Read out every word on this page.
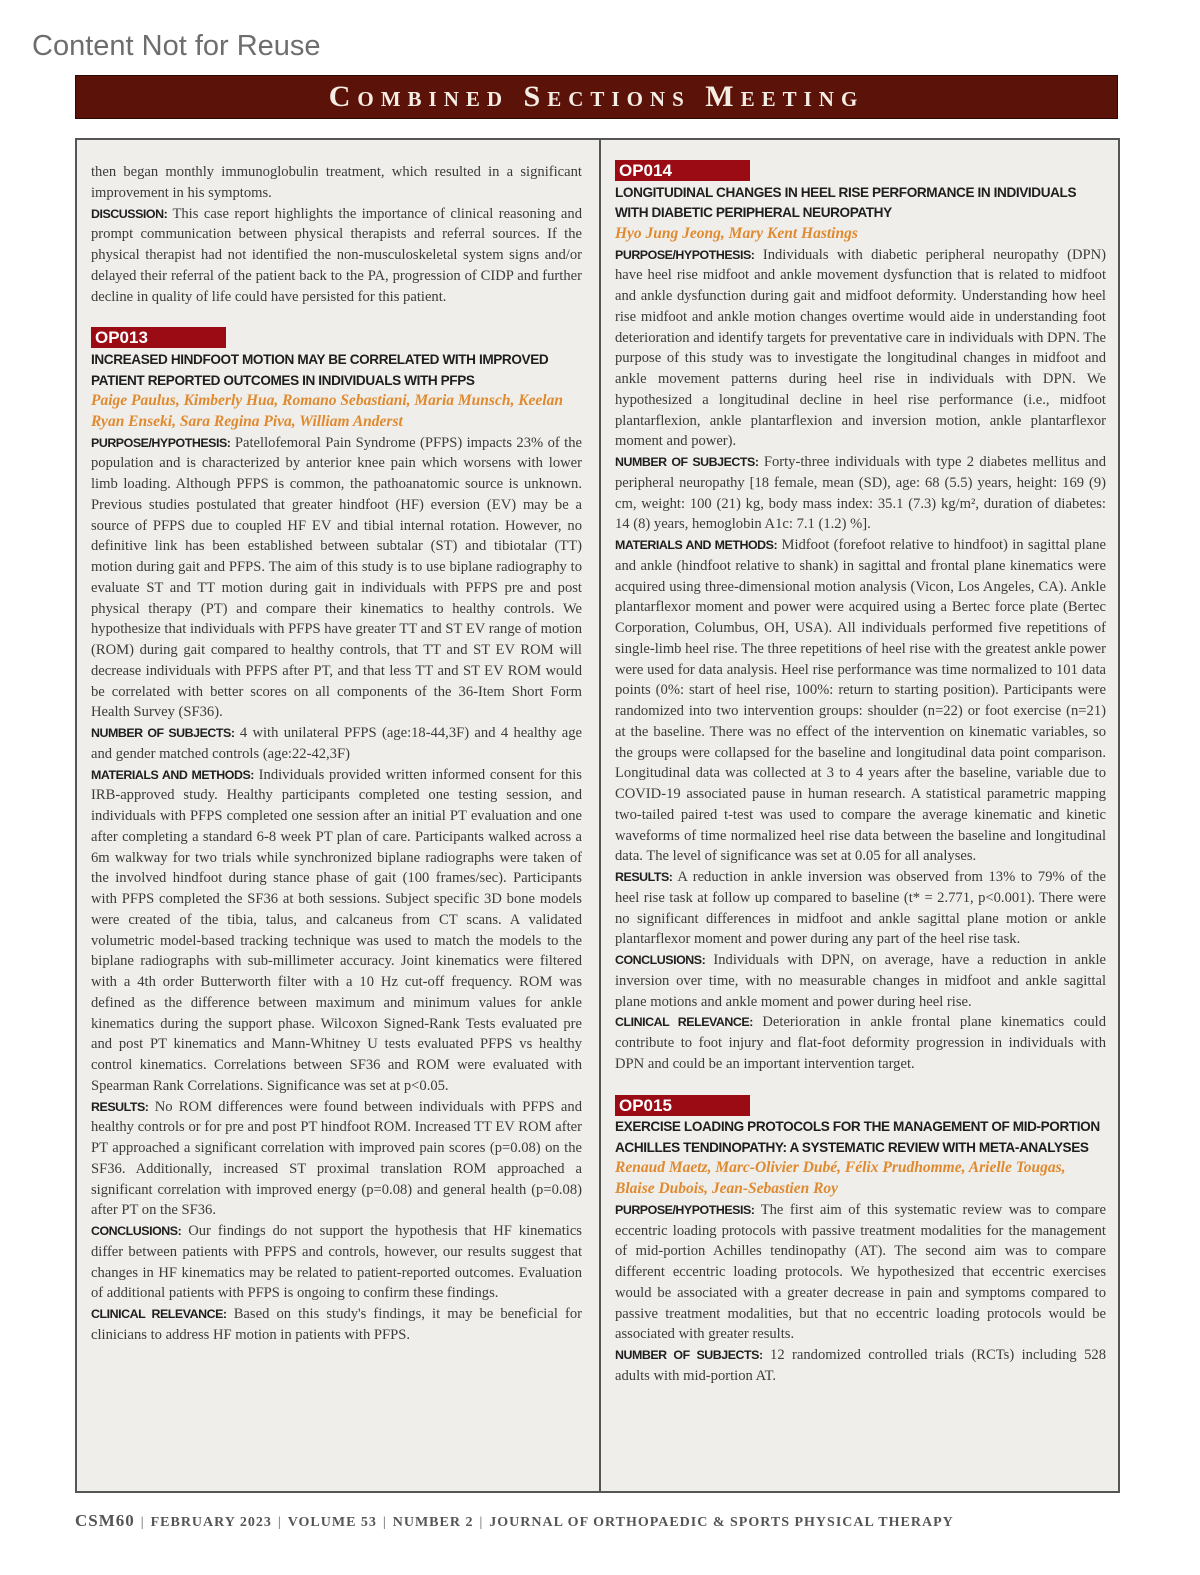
Content Not for Reuse
Combined Sections Meeting

then began monthly immunoglobulin treatment, which resulted in a significant improvement in his symptoms.

DISCUSSION: This case report highlights the importance of clinical reasoning and prompt communication between physical therapists and referral sources. If the physical therapist had not identified the non-musculoskeletal system signs and/or delayed their referral of the patient back to the PA, progression of CIDP and further decline in quality of life could have persisted for this patient.

OP013
INCREASED HINDFOOT MOTION MAY BE CORRELATED WITH IMPROVED PATIENT REPORTED OUTCOMES IN INDIVIDUALS WITH PFPS
Paige Paulus, Kimberly Hua, Romano Sebastiani, Maria Munsch, Keelan Ryan Enseki, Sara Regina Piva, William Anderst

PURPOSE/HYPOTHESIS: Patellofemoral Pain Syndrome (PFPS) impacts 23% of the population and is characterized by anterior knee pain which worsens with lower limb loading. Although PFPS is common, the pathoanatomic source is unknown. Previous studies postulated that greater hindfoot (HF) eversion (EV) may be a source of PFPS due to coupled HF EV and tibial internal rotation. However, no definitive link has been established between subtalar (ST) and tibiotalar (TT) motion during gait and PFPS. The aim of this study is to use biplane radiography to evaluate ST and TT motion during gait in individuals with PFPS pre and post physical therapy (PT) and compare their kinematics to healthy controls. We hypothesize that individuals with PFPS have greater TT and ST EV range of motion (ROM) during gait compared to healthy controls, that TT and ST EV ROM will decrease individuals with PFPS after PT, and that less TT and ST EV ROM would be correlated with better scores on all components of the 36-Item Short Form Health Survey (SF36).

NUMBER OF SUBJECTS: 4 with unilateral PFPS (age:18-44,3F) and 4 healthy age and gender matched controls (age:22-42,3F)

MATERIALS AND METHODS: Individuals provided written informed consent for this IRB-approved study. Healthy participants completed one testing session, and individuals with PFPS completed one session after an initial PT evaluation and one after completing a standard 6-8 week PT plan of care. Participants walked across a 6m walkway for two trials while synchronized biplane radiographs were taken of the involved hindfoot during stance phase of gait (100 frames/sec). Participants with PFPS completed the SF36 at both sessions. Subject specific 3D bone models were created of the tibia, talus, and calcaneus from CT scans. A validated volumetric model-based tracking technique was used to match the models to the biplane radiographs with sub-millimeter accuracy. Joint kinematics were filtered with a 4th order Butterworth filter with a 10 Hz cut-off frequency. ROM was defined as the difference between maximum and minimum values for ankle kinematics during the support phase. Wilcoxon Signed-Rank Tests evaluated pre and post PT kinematics and Mann-Whitney U tests evaluated PFPS vs healthy control kinematics. Correlations between SF36 and ROM were evaluated with Spearman Rank Correlations. Significance was set at p<0.05.

RESULTS: No ROM differences were found between individuals with PFPS and healthy controls or for pre and post PT hindfoot ROM. Increased TT EV ROM after PT approached a significant correlation with improved pain scores (p=0.08) on the SF36. Additionally, increased ST proximal translation ROM approached a significant correlation with improved energy (p=0.08) and general health (p=0.08) after PT on the SF36.

CONCLUSIONS: Our findings do not support the hypothesis that HF kinematics differ between patients with PFPS and controls, however, our results suggest that changes in HF kinematics may be related to patient-reported outcomes. Evaluation of additional patients with PFPS is ongoing to confirm these findings.

CLINICAL RELEVANCE: Based on this study's findings, it may be beneficial for clinicians to address HF motion in patients with PFPS.

OP014
LONGITUDINAL CHANGES IN HEEL RISE PERFORMANCE IN INDIVIDUALS WITH DIABETIC PERIPHERAL NEUROPATHY
Hyo Jung Jeong, Mary Kent Hastings

PURPOSE/HYPOTHESIS: Individuals with diabetic peripheral neuropathy (DPN) have heel rise midfoot and ankle movement dysfunction that is related to midfoot and ankle dysfunction during gait and midfoot deformity. Understanding how heel rise midfoot and ankle motion changes overtime would aide in understanding foot deterioration and identify targets for preventative care in individuals with DPN. The purpose of this study was to investigate the longitudinal changes in midfoot and ankle movement patterns during heel rise in individuals with DPN. We hypothesized a longitudinal decline in heel rise performance (i.e., midfoot plantarflexion, ankle plantarflexion and inversion motion, ankle plantarflexor moment and power).

NUMBER OF SUBJECTS: Forty-three individuals with type 2 diabetes mellitus and peripheral neuropathy [18 female, mean (SD), age: 68 (5.5) years, height: 169 (9) cm, weight: 100 (21) kg, body mass index: 35.1 (7.3) kg/m², duration of diabetes: 14 (8) years, hemoglobin A1c: 7.1 (1.2) %].

MATERIALS AND METHODS: Midfoot (forefoot relative to hindfoot) in sagittal plane and ankle (hindfoot relative to shank) in sagittal and frontal plane kinematics were acquired using three-dimensional motion analysis (Vicon, Los Angeles, CA). Ankle plantarflexor moment and power were acquired using a Bertec force plate (Bertec Corporation, Columbus, OH, USA). All individuals performed five repetitions of single-limb heel rise. The three repetitions of heel rise with the greatest ankle power were used for data analysis. Heel rise performance was time normalized to 101 data points (0%: start of heel rise, 100%: return to starting position). Participants were randomized into two intervention groups: shoulder (n=22) or foot exercise (n=21) at the baseline. There was no effect of the intervention on kinematic variables, so the groups were collapsed for the baseline and longitudinal data point comparison. Longitudinal data was collected at 3 to 4 years after the baseline, variable due to COVID-19 associated pause in human research. A statistical parametric mapping two-tailed paired t-test was used to compare the average kinematic and kinetic waveforms of time normalized heel rise data between the baseline and longitudinal data. The level of significance was set at 0.05 for all analyses.

RESULTS: A reduction in ankle inversion was observed from 13% to 79% of the heel rise task at follow up compared to baseline (t* = 2.771, p<0.001). There were no significant differences in midfoot and ankle sagittal plane motion or ankle plantarflexor moment and power during any part of the heel rise task.

CONCLUSIONS: Individuals with DPN, on average, have a reduction in ankle inversion over time, with no measurable changes in midfoot and ankle sagittal plane motions and ankle moment and power during heel rise.

CLINICAL RELEVANCE: Deterioration in ankle frontal plane kinematics could contribute to foot injury and flat-foot deformity progression in individuals with DPN and could be an important intervention target.

OP015
EXERCISE LOADING PROTOCOLS FOR THE MANAGEMENT OF MID-PORTION ACHILLES TENDINOPATHY: A SYSTEMATIC REVIEW WITH META-ANALYSES
Renaud Maetz, Marc-Olivier Dubé, Félix Prudhomme, Arielle Tougas, Blaise Dubois, Jean-Sebastien Roy

PURPOSE/HYPOTHESIS: The first aim of this systematic review was to compare eccentric loading protocols with passive treatment modalities for the management of mid-portion Achilles tendinopathy (AT). The second aim was to compare different eccentric loading protocols. We hypothesized that eccentric exercises would be associated with a greater decrease in pain and symptoms compared to passive treatment modalities, but that no eccentric loading protocols would be associated with greater results.

NUMBER OF SUBJECTS: 12 randomized controlled trials (RCTs) including 528 adults with mid-portion AT.

CSM60 | FEBRUARY 2023 | VOLUME 53 | NUMBER 2 | JOURNAL OF ORTHOPAEDIC & SPORTS PHYSICAL THERAPY
